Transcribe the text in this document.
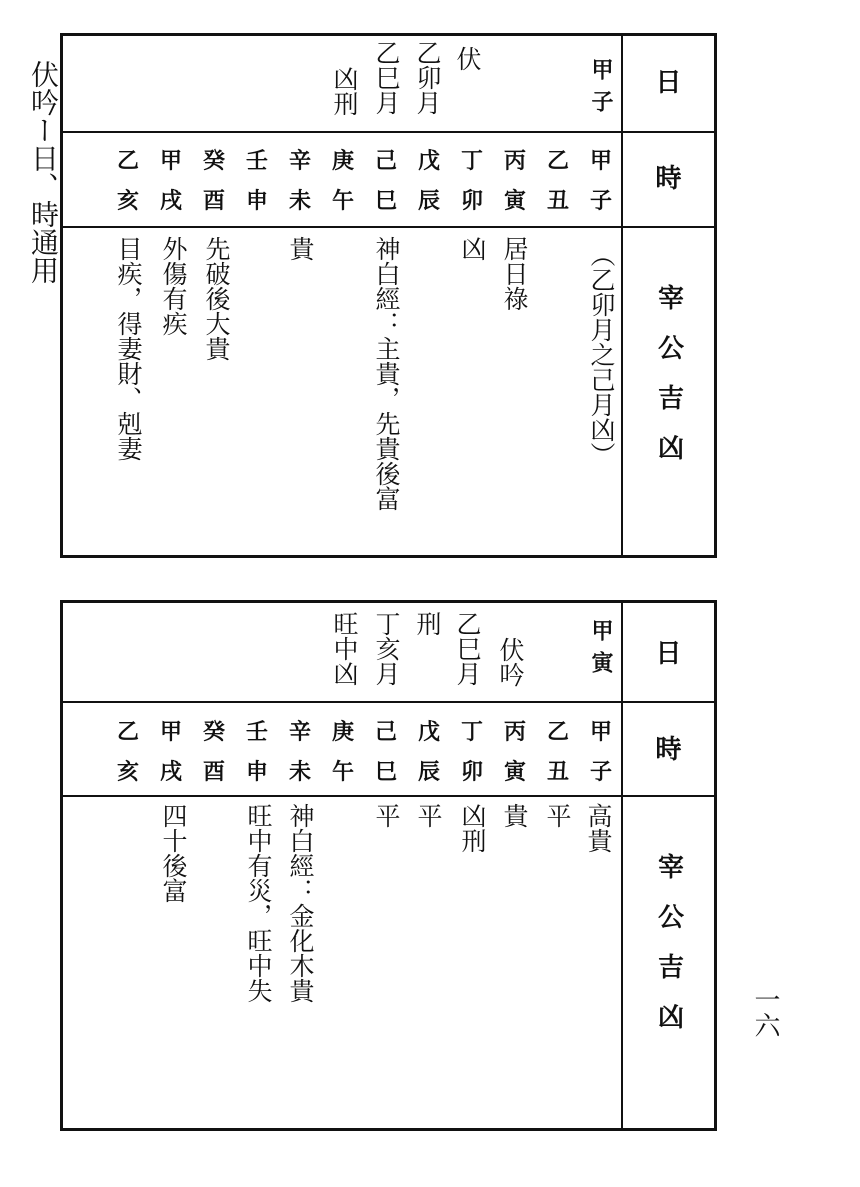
伏吟ー日、時通用	日
時
宰公吉凶
甲子
伏
乙卯月
乙巳月
凶刑
甲
子
乙
丑
丙
寅
丁
卯
戊
辰
己
巳
庚
午
辛
未
壬
申
癸
酉
甲
戌
乙
亥
（乙卯月之己月凶）
居日祿
凶
神白經：主貴，先貴後富
貴
先破後大貴
外傷有疾
目疾，得妻財、剋妻
日
時
宰公吉凶
甲寅
伏吟
乙巳月
刑
丁亥月
旺中凶
甲
子
乙
丑
丙
寅
丁
卯
戊
辰
己
巳
庚
午
辛
未
壬
申
癸
酉
甲
戌
乙
亥
高貴
平
貴
凶刑
平
平
神白經：金化木貴
旺中有災，旺中失
四十後富
一六
